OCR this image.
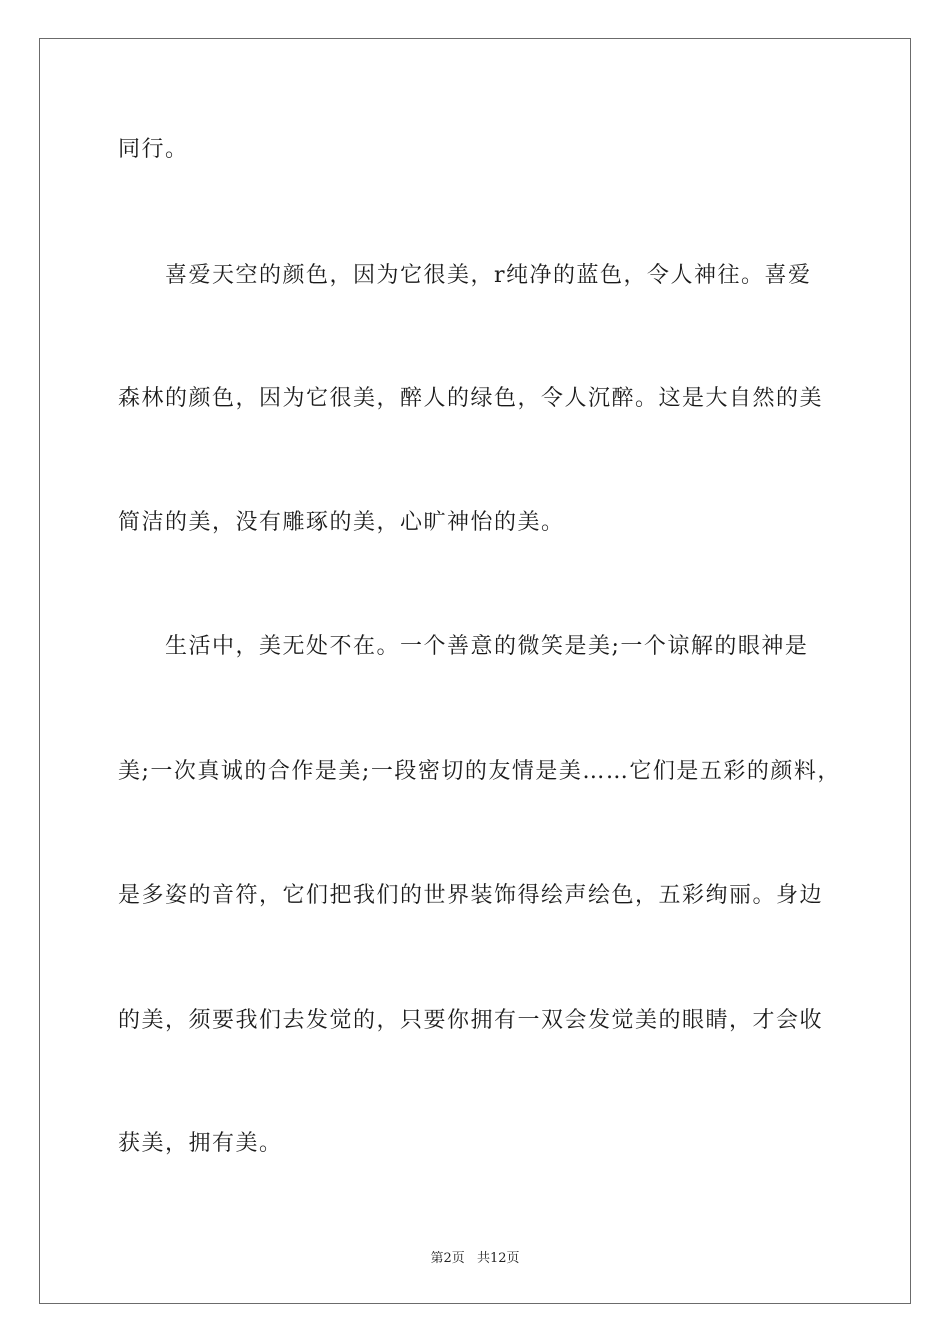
同行。
喜爱天空的颜色，因为它很美，r纯净的蓝色，令人神往。喜爱
森林的颜色，因为它很美，醉人的绿色，令人沉醉。这是大自然的美
简洁的美，没有雕琢的美，心旷神怡的美。
生活中，美无处不在。一个善意的微笑是美;一个谅解的眼神是
美;一次真诚的合作是美;一段密切的友情是美……它们是五彩的颜料，
是多姿的音符，它们把我们的世界装饰得绘声绘色，五彩绚丽。身边
的美，须要我们去发觉的，只要你拥有一双会发觉美的眼睛，才会收
获美，拥有美。
第2页 共12页
